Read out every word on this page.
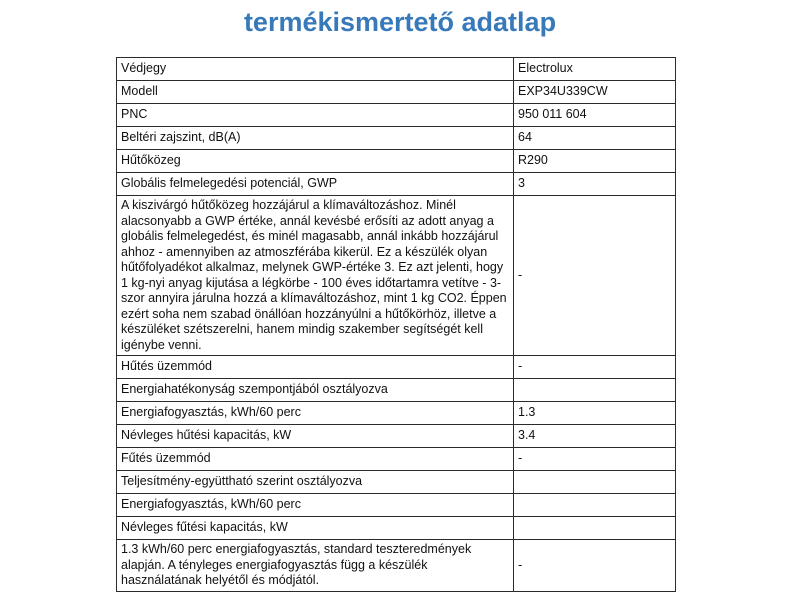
termékismertető adatlap
Védjegy	Electrolux
Modell	EXP34U339CW
PNC	950 011 604
Beltéri zajszint, dB(A)	64
Hűtőközeg	R290
Globális felmelegedési potenciál, GWP	3
A kiszivárgó hűtőközeg hozzájárul a klímaváltozáshoz. Minél alacsonyabb a GWP értéke, annál kevésbé erősíti az adott anyag a globális felmelegedést, és minél magasabb, annál inkább hozzájárul ahhoz - amennyiben az atmoszférába kikerül. Ez a készülék olyan hűtőfolyadékot alkalmaz, melynek GWP-értéke 3. Ez azt jelenti, hogy 1 kg-nyi anyag kijutása a légkörbe - 100 éves időtartamra vetítve - 3-szor annyira járulna hozzá a klímaváltozáshoz, mint 1 kg CO2. Éppen ezért soha nem szabad önállóan hozzányúlni a hűtőkörhöz, illetve a készüléket szétszerelni, hanem mindig szakember segítségét kell igénybe venni.	-
Hűtés üzemmód	-
Energiahatékonyság szempontjából osztályozva	
Energiafogyasztás, kWh/60 perc	1.3
Névleges hűtési kapacitás, kW	3.4
Fűtés üzemmód	-
Teljesítmény-együttható szerint osztályozva	
Energiafogyasztás, kWh/60 perc	
Névleges fűtési kapacitás, kW	
1.3 kWh/60 perc energiafogyasztás, standard teszteredmények alapján. A tényleges energiafogyasztás függ a készülék használatának helyétől és módjától.	-
